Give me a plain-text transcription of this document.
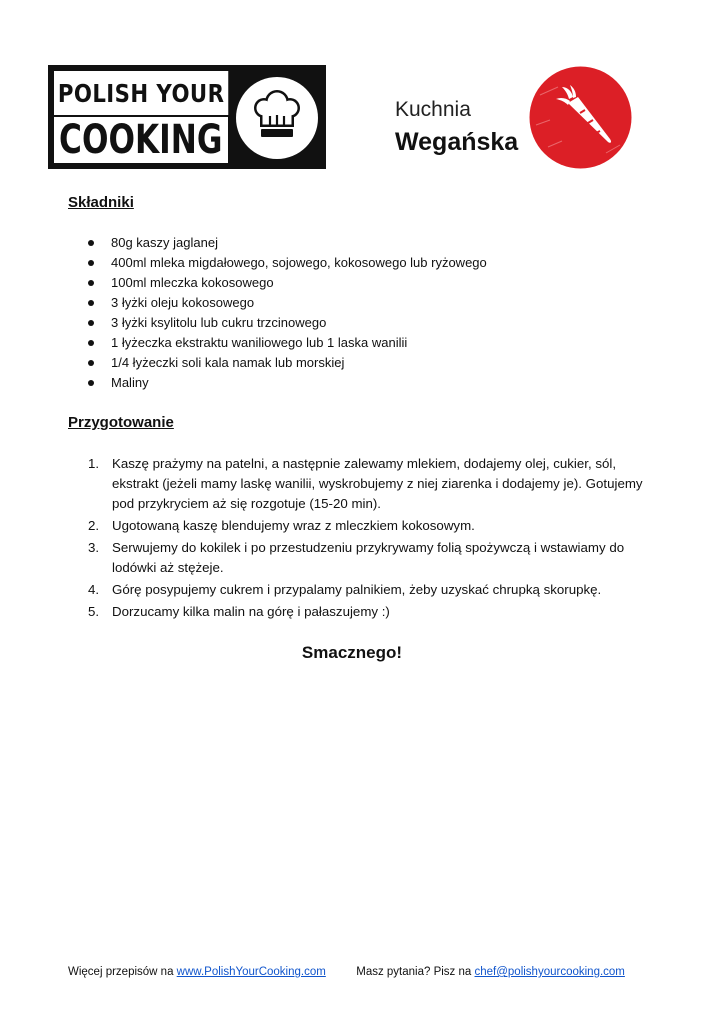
POLISH YOUR
COOKING
Kuchnia
Wegańska
Składniki
80g kaszy jaglanej
400ml mleka migdałowego, sojowego, kokosowego lub ryżowego
100ml mleczka kokosowego
3 łyżki oleju kokosowego
3 łyżki ksylitolu lub cukru trzcinowego
1 łyżeczka ekstraktu waniliowego lub 1 laska wanilii
1/4 łyżeczki soli kala namak lub morskiej
Maliny
Przygotowanie
1. Kaszę prażymy na patelni, a następnie zalewamy mlekiem, dodajemy olej, cukier, sól, ekstrakt (jeżeli mamy laskę wanilii, wyskrobujemy z niej ziarenka i dodajemy je). Gotujemy pod przykryciem aż się rozgotuje (15-20 min).
2. Ugotowaną kaszę blendujemy wraz z mleczkiem kokosowym.
3. Serwujemy do kokilek i po przestudzeniu przykrywamy folią spożywczą i wstawiamy do lodówki aż stężeje.
4. Górę posypujemy cukrem i przypalamy palnikiem, żeby uzyskać chrupką skorupkę.
5. Dorzucamy kilka malin na górę i pałaszujemy :)
Smacznego!
Więcej przepisów na www.PolishYourCooking.com	Masz pytania? Pisz na chef@polishyourcooking.com
